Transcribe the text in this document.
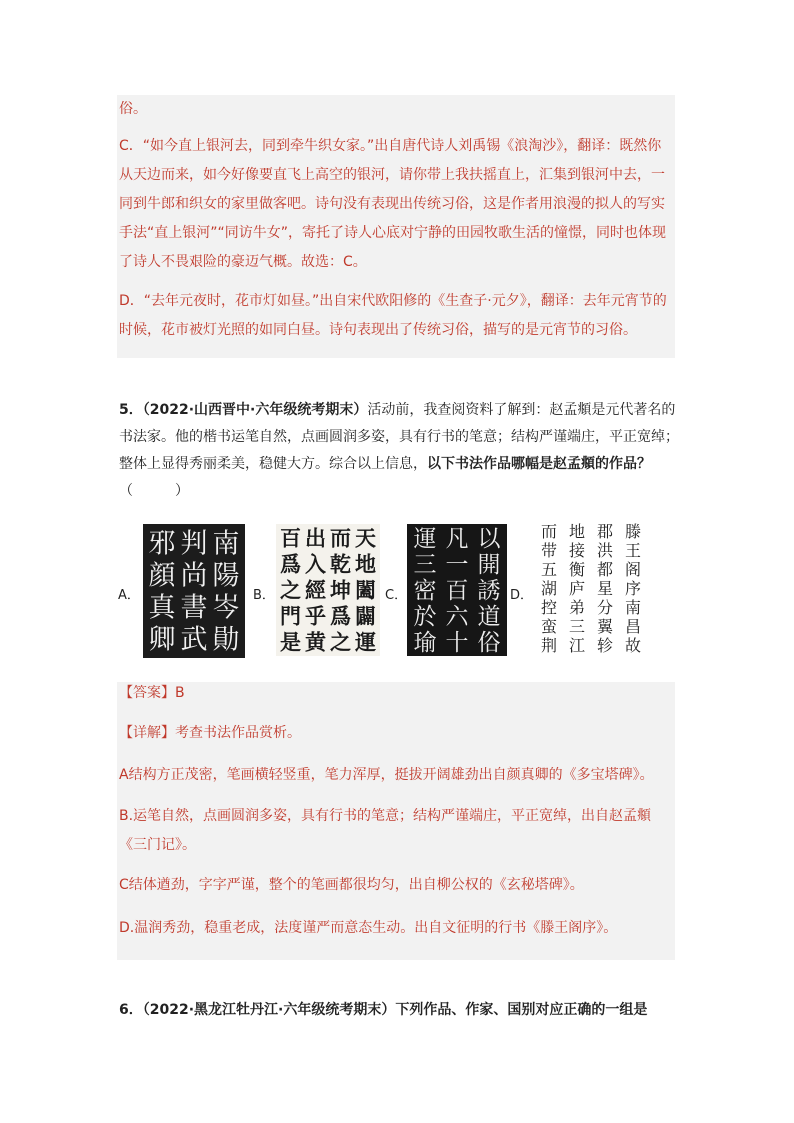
俗。
C．“如今直上银河去，同到牵牛织女家。”出自唐代诗人刘禹锡《浪淘沙》，翻译：既然你从天边而来，如今好像要直飞上高空的银河，请你带上我扶摇直上，汇集到银河中去，一同到牛郎和织女的家里做客吧。诗句没有表现出传统习俗，这是作者用浪漫的拟人的写实手法“直上银河”“同访牛女”，寄托了诗人心底对宁静的田园牧歌生活的憧憬，同时也体现了诗人不畏艰险的豪迈气概。故选：C。
D．“去年元夜时，花市灯如昼。”出自宋代欧阳修的《生查子·元夕》，翻译：去年元宵节的时候，花市被灯光照的如同白昼。诗句表现出了传统习俗，描写的是元宵节的习俗。
5．（2022·山西晋中·六年级统考期末）活动前，我查阅资料了解到：赵孟頫是元代著名的书法家。他的楷书运笔自然，点画圆润多姿，具有行书的笔意；结构严谨端庄，平正宽绰；整体上显得秀丽柔美，稳健大方。综合以上信息，以下书法作品哪幅是赵孟頫的作品？
（　　　）
A．
南
陽
岑
勛
判
尚
書
武
邪
顔
真
卿
B．
天
地
闔
闢
運
而
乾
坤
爲
之
出
入
經
乎
黄
百
爲
之
門
是
C．
以
開
誘
道
俗
凡
一
百
六
十
運
三
密
於
瑜
D．
滕
王
阁
序
南
昌
故
郡
洪
都
星
分
翼
轸
地
接
衡
庐
弟
三
江
而
带
五
湖
控
蛮
荆
【答案】B
【详解】考查书法作品赏析。
A结构方正茂密，笔画横轻竖重，笔力浑厚，挺拔开阔雄劲出自颜真卿的《多宝塔碑》。
B.运笔自然，点画圆润多姿，具有行书的笔意；结构严谨端庄，平正宽绰，出自赵孟頫《三门记》。
C结体遒劲，字字严谨，整个的笔画都很均匀，出自柳公权的《玄秘塔碑》。
D.温润秀劲，稳重老成，法度谨严而意态生动。出自文征明的行书《滕王阁序》。
6．（2022·黑龙江牡丹江·六年级统考期末）下列作品、作家、国别对应正确的一组是
